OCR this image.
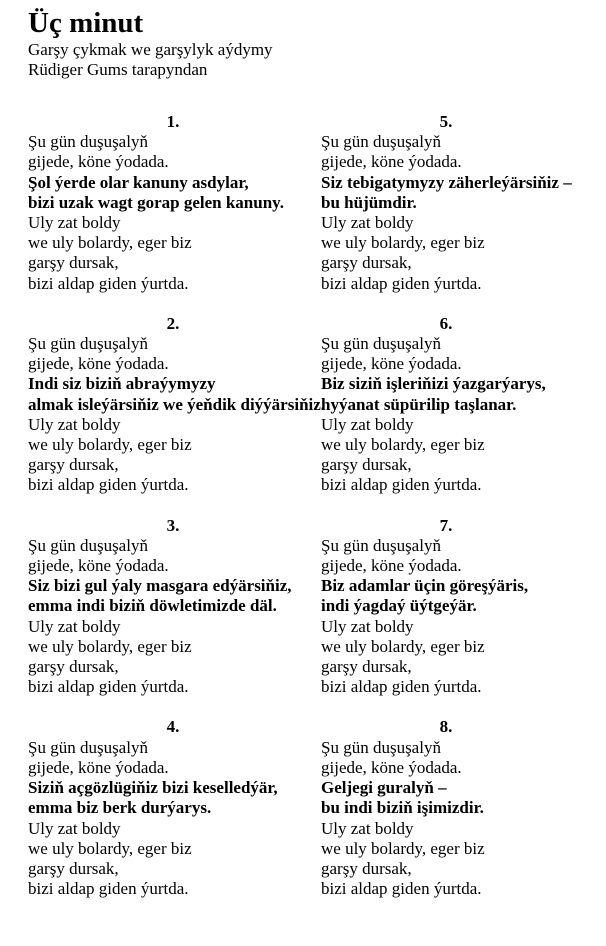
Üç minut
Garşy çykmak we garşylyk aýdymy
Rüdiger Gums tarapyndan
1.
Şu gün duşuşalyň
gijede, köne ýodada.
Şol ýerde olar kanuny asdylar,
bizi uzak wagt gorap gelen kanuny.
Uly zat boldy
we uly bolardy, eger biz
garşy dursak,
bizi aldap giden ýurtda.
2.
Şu gün duşuşalyň
gijede, köne ýodada.
Indi siz biziň abraýymyzy
almak isleýärsiňiz we ýeňdik diýýärsiňiz.
Uly zat boldy
we uly bolardy, eger biz
garşy dursak,
bizi aldap giden ýurtda.
3.
Şu gün duşuşalyň
gijede, köne ýodada.
Siz bizi gul ýaly masgara edýärsiňiz,
emma indi biziň döwletimizde däl.
Uly zat boldy
we uly bolardy, eger biz
garşy dursak,
bizi aldap giden ýurtda.
4.
Şu gün duşuşalyň
gijede, köne ýodada.
Siziň açgözlügiňiz bizi keselledýär,
emma biz berk durýarys.
Uly zat boldy
we uly bolardy, eger biz
garşy dursak,
bizi aldap giden ýurtda.
5.
Şu gün duşuşalyň
gijede, köne ýodada.
Siz tebigatymyzy zäherleýärsiňiz –
bu hüjümdir.
Uly zat boldy
we uly bolardy, eger biz
garşy dursak,
bizi aldap giden ýurtda.
6.
Şu gün duşuşalyň
gijede, köne ýodada.
Biz siziň işleriňizi ýazgarýarys,
hyýanat süpürilip taşlanar.
Uly zat boldy
we uly bolardy, eger biz
garşy dursak,
bizi aldap giden ýurtda.
7.
Şu gün duşuşalyň
gijede, köne ýodada.
Biz adamlar üçin göreşýäris,
indi ýagdaý üýtgeýär.
Uly zat boldy
we uly bolardy, eger biz
garşy dursak,
bizi aldap giden ýurtda.
8.
Şu gün duşuşalyň
gijede, köne ýodada.
Geljegi guralyň –
bu indi biziň işimizdir.
Uly zat boldy
we uly bolardy, eger biz
garşy dursak,
bizi aldap giden ýurtda.
